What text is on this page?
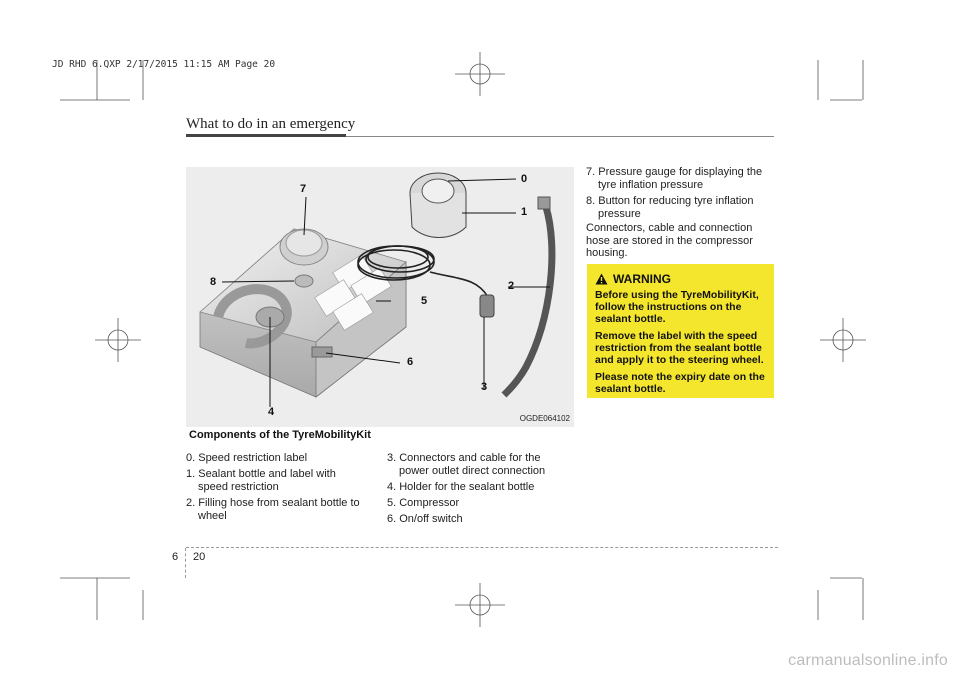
JD RHD 6.QXP 2/17/2015 11:15 AM Page 20
What to do in an emergency
7
8
4
3
5
6
0
1
2
OGDE064102
Components of the TyreMobilityKit
0. Speed restriction label
1. Sealant bottle and label with
speed restriction
2. Filling hose from sealant bottle to
wheel
3. Connectors and cable for the
power outlet direct connection
4. Holder for the sealant bottle
5. Compressor
6. On/off switch
7. Pressure gauge for displaying the
tyre inflation pressure
8. Button for reducing tyre inflation
pressure
Connectors, cable and connection hose are stored in the compressor housing.
WARNING

Before using the TyreMobilityKit, follow the instructions on the sealant bottle.

Remove the label with the speed restriction from the sealant bottle and apply it to the steering wheel.

Please note the expiry date on the sealant bottle.

6 20
carmanualsonline.info
